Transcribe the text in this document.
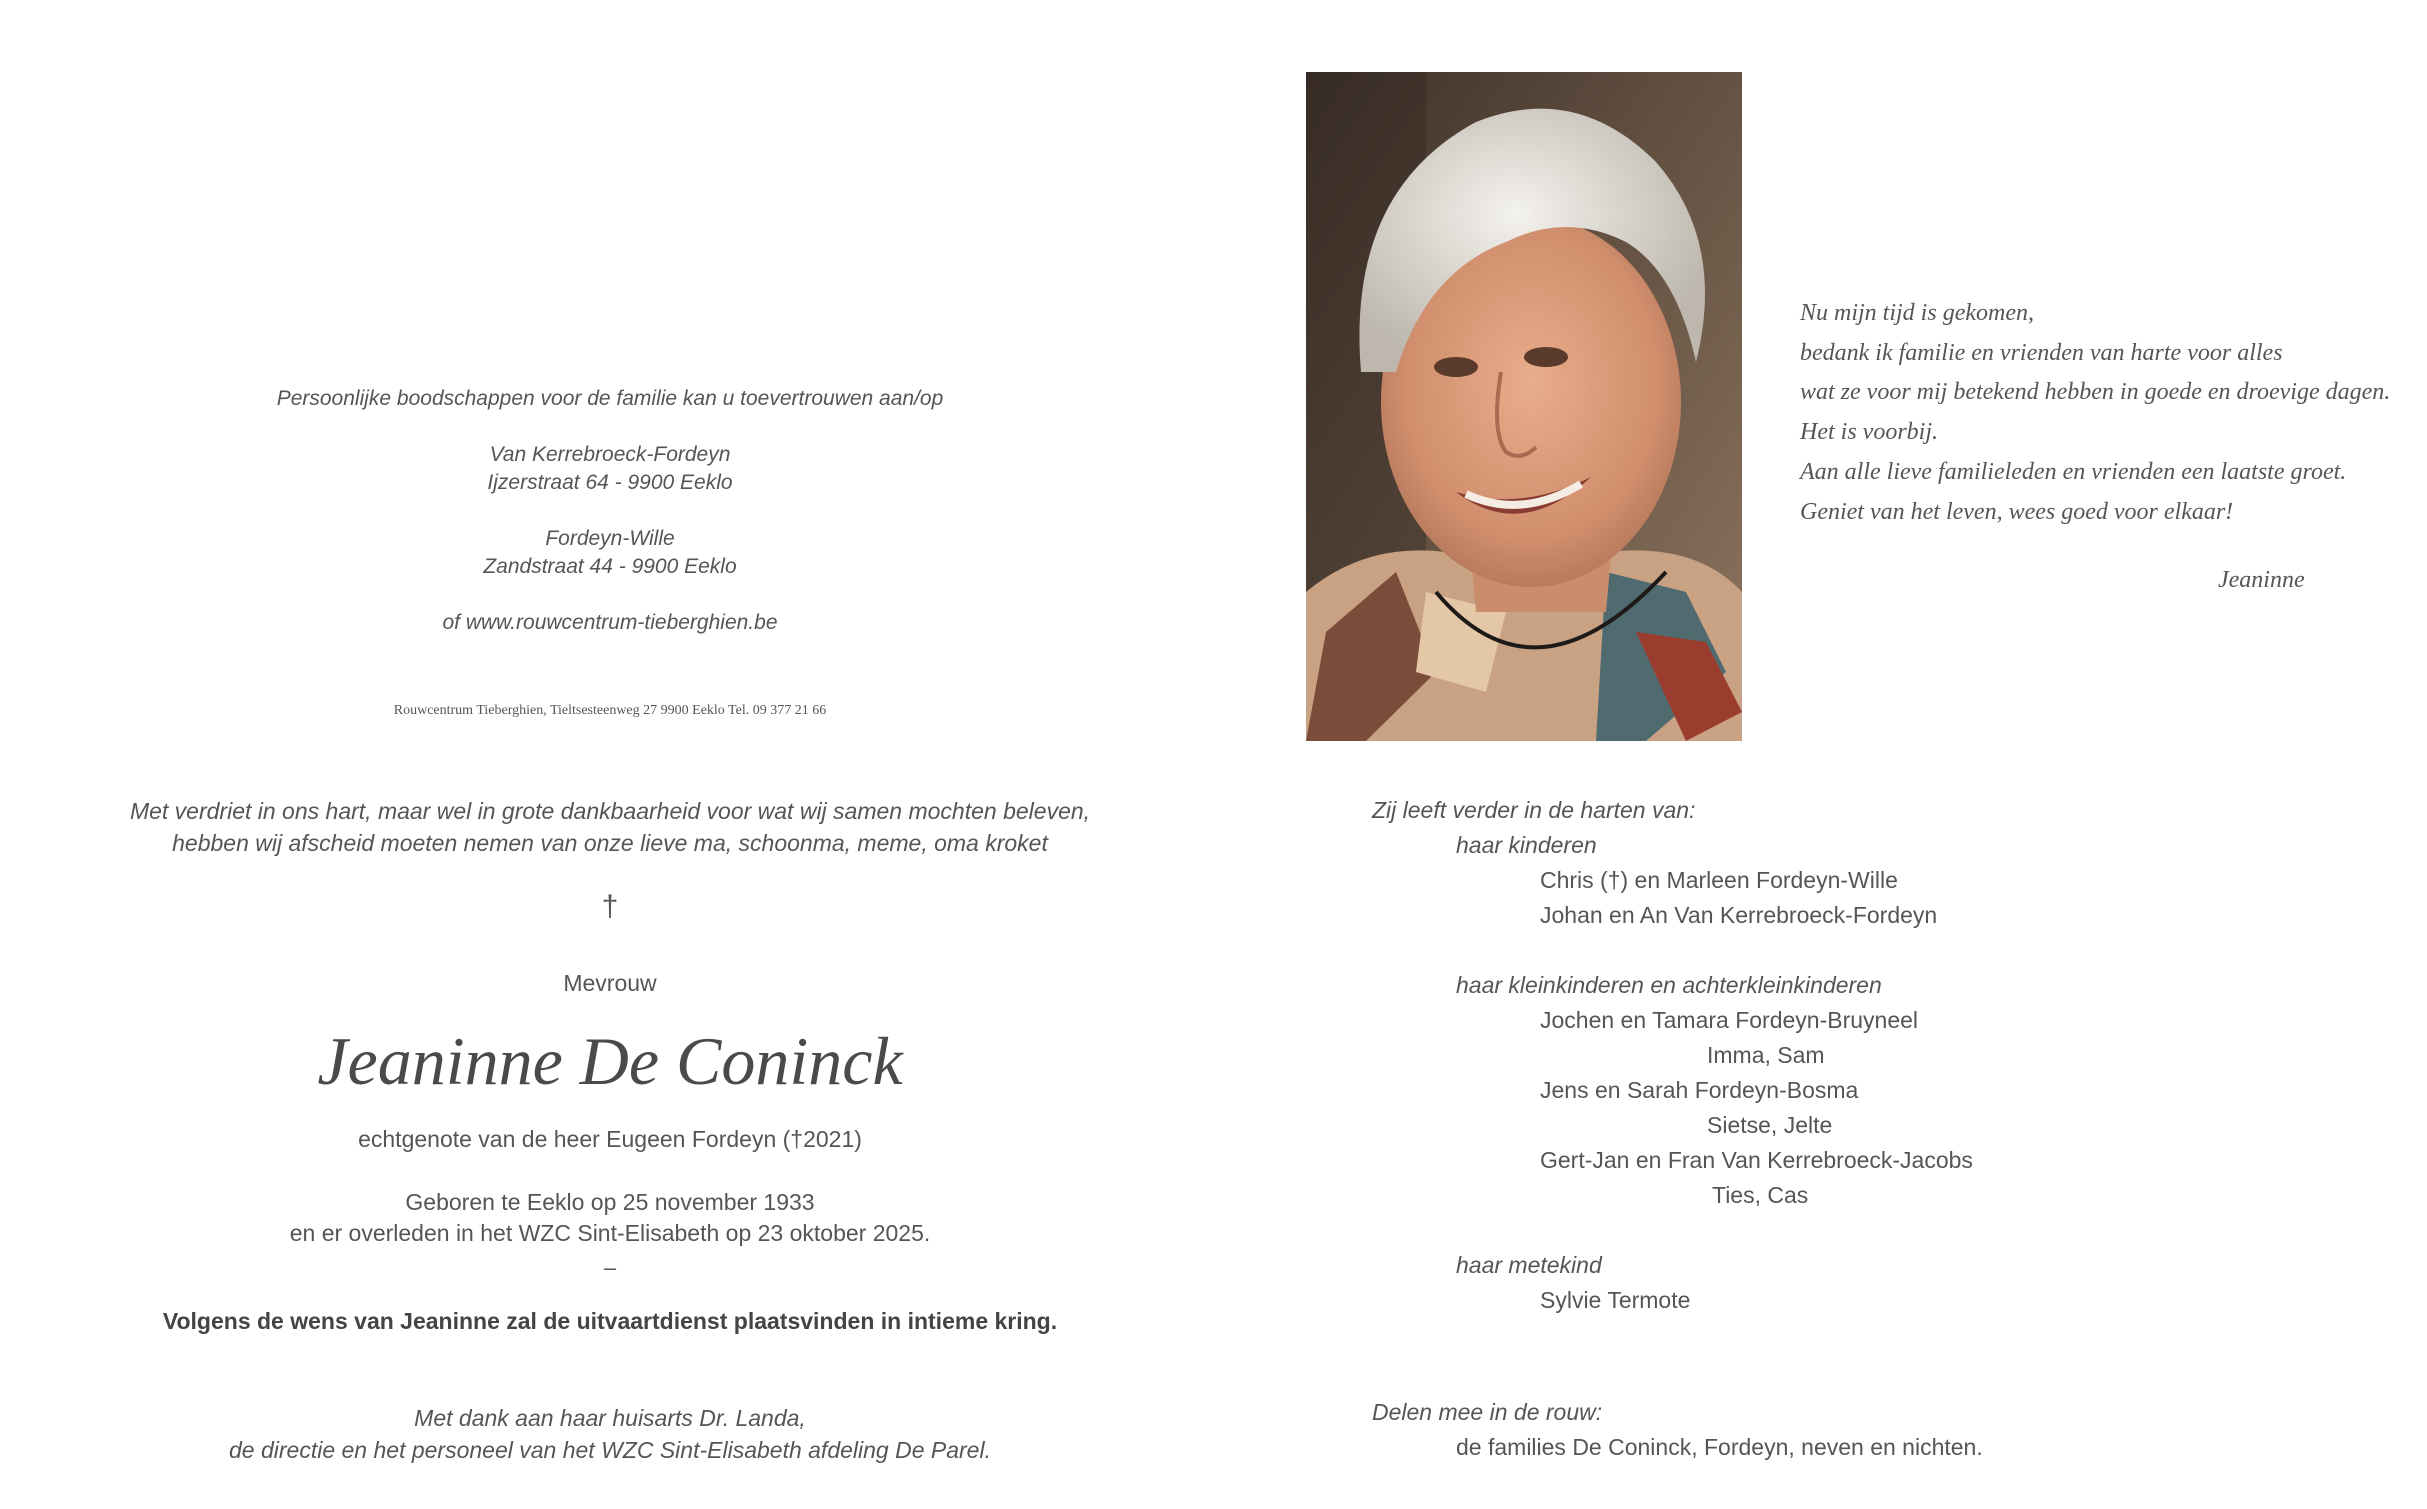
Persoonlijke boodschappen voor de familie kan u toevertrouwen aan/op
Van Kerrebroeck-Fordeyn
Ijzerstraat 64 - 9900 Eeklo
Fordeyn-Wille
Zandstraat 44 - 9900 Eeklo
of www.rouwcentrum-tieberghien.be
Rouwcentrum Tieberghien, Tieltsesteenweg 27 9900 Eeklo Tel. 09 377 21 66
Met verdriet in ons hart, maar wel in grote dankbaarheid voor wat wij samen mochten beleven,
hebben wij afscheid moeten nemen van onze lieve ma, schoonma, meme, oma kroket
†
Mevrouw
Jeaninne De Coninck
echtgenote van de heer Eugeen Fordeyn (†2021)
Geboren te Eeklo op 25 november 1933
en er overleden in het WZC Sint-Elisabeth op 23 oktober 2025.
–
Volgens de wens van Jeaninne zal de uitvaartdienst plaatsvinden in intieme kring.
Met dank aan haar huisarts Dr. Landa,
de directie en het personeel van het WZC Sint-Elisabeth afdeling De Parel.
Nu mijn tijd is gekomen,
bedank ik familie en vrienden van harte voor alles
wat ze voor mij betekend hebben in goede en droevige dagen.
Het is voorbij.
Aan alle lieve familieleden en vrienden een laatste groet.
Geniet van het leven, wees goed voor elkaar!
Jeaninne
Zij leeft verder in de harten van:
haar kinderen
Chris (†) en Marleen Fordeyn-Wille
Johan en An Van Kerrebroeck-Fordeyn
haar kleinkinderen en achterkleinkinderen
Jochen en Tamara Fordeyn-Bruyneel
Imma, Sam
Jens en Sarah Fordeyn-Bosma
Sietse, Jelte
Gert-Jan en Fran Van Kerrebroeck-Jacobs
Ties, Cas
haar metekind
Sylvie Termote
Delen mee in de rouw:
de families De Coninck, Fordeyn, neven en nichten.
